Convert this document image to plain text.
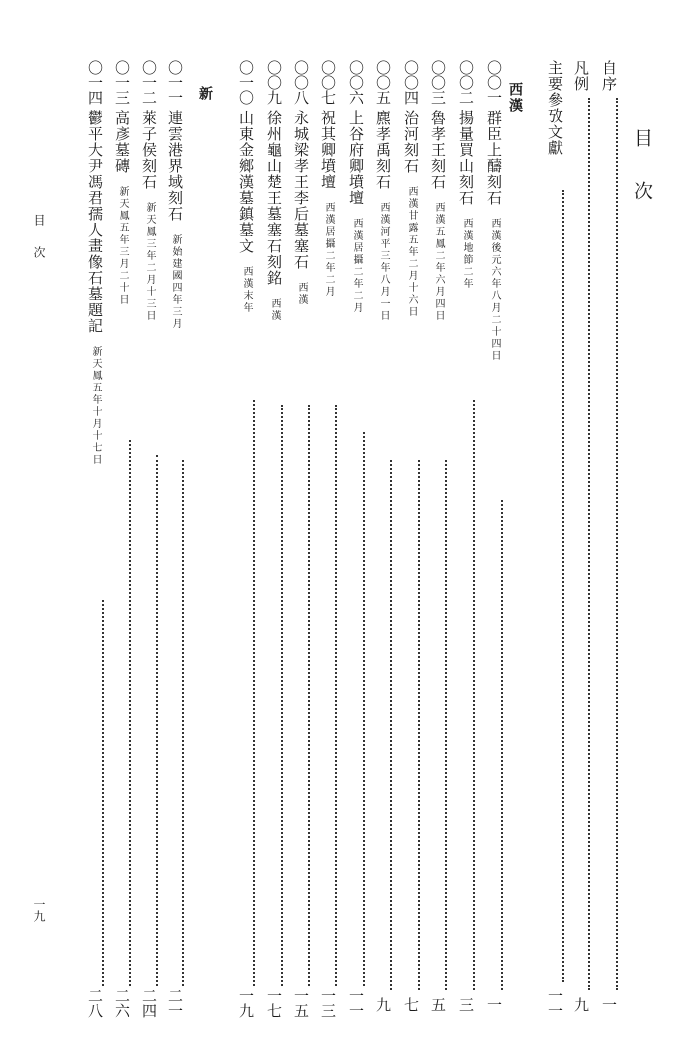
目次
自序
一
凡例
九
主要參攷文獻
一一
西漢
〇〇一
群臣上醻刻石西漢後元六年八月二十四日
一
〇〇二
揚量買山刻石西漢地節二年
三
〇〇三
魯孝王刻石西漢五鳳二年六月四日
五
〇〇四
治河刻石西漢甘露五年二月十六日
七
〇〇五
麃孝禹刻石西漢河平三年八月一日
九
〇〇六
上谷府卿墳壇西漢居攝二年二月
一一
〇〇七
祝其卿墳壇西漢居攝二年二月
一三
〇〇八
永城梁孝王李后墓塞石西漢
一五
〇〇九
徐州龜山楚王墓塞石刻銘西漢
一七
〇一〇
山東金鄉漢墓鎮墓文西漢末年
一九
新
〇一一
連雲港界域刻石新始建國四年三月
二一
〇一二
萊子侯刻石新天鳳三年二月十三日
二四
〇一三
高彥墓磚新天鳳五年三月二十日
二六
〇一四
鬱平大尹馮君孺人畫像石墓題記新天鳳五年十月十七日
二八
目次
一九
